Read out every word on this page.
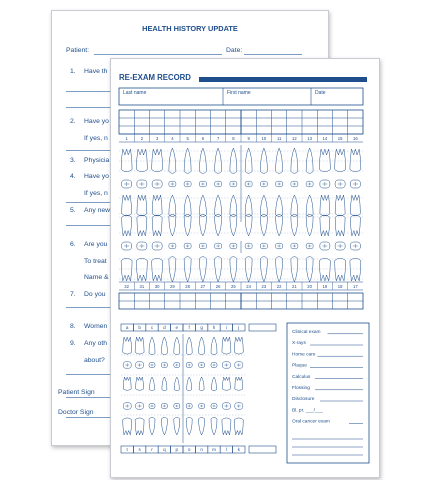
HEALTH HISTORY UPDATE
Patient:	Date:
1. Have th
2. Have yo
If yes, n
3. Physicia
4. Have yo
If yes, n
5. Any new
6. Are you
To treat
Name &
7. Do you
8. Women
9. Any oth
about?
Patient Sign
Doctor Sign
RE-EXAM RECORD
1	2	3	4	5	6	7	8	9	10	11	12	13	14	15	16
32	31	30	29	28	27	26	25	24	23	22	21	20	19	18	17
a b c d e f g h i j
t s r q p o n m l k
Clinical exam
X-rays
Home care
Plaque
Calculus
Flossing
Disclosure
Bl. pr. ___/___
Oral cancer exam
Last name	First name	Date
